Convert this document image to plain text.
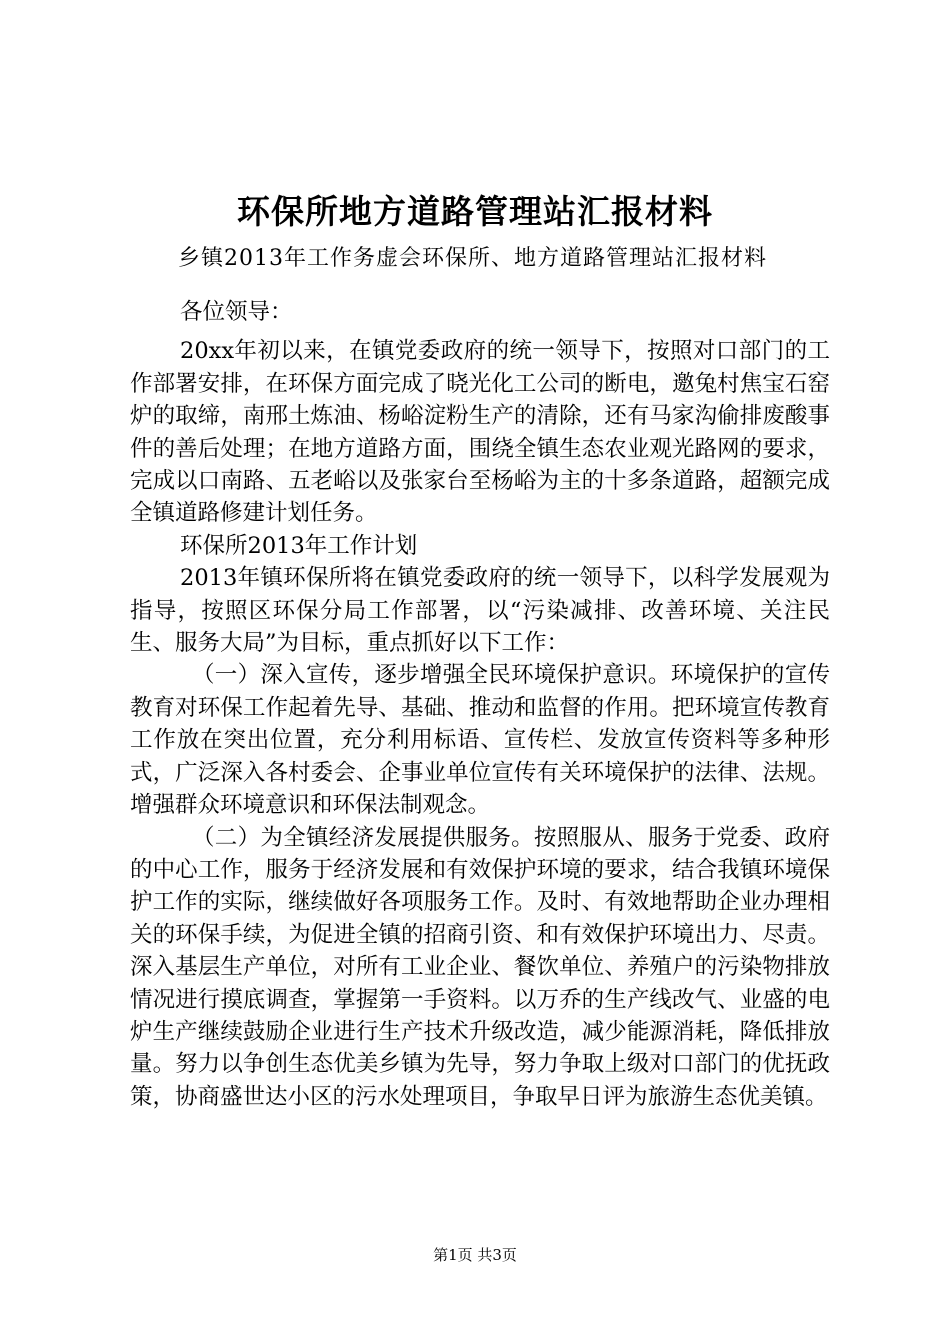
环保所地方道路管理站汇报材料

乡镇2013年工作务虚会环保所、地方道路管理站汇报材料

各位领导：

20xx年初以来，在镇党委政府的统一领导下，按照对口部门的工作部署安排，在环保方面完成了晓光化工公司的断电，邀兔村焦宝石窑炉的取缔，南邢土炼油、杨峪淀粉生产的清除，还有马家沟偷排废酸事件的善后处理；在地方道路方面，围绕全镇生态农业观光路网的要求，完成以口南路、五老峪以及张家台至杨峪为主的十多条道路，超额完成全镇道路修建计划任务。

环保所2013年工作计划

2013年镇环保所将在镇党委政府的统一领导下，以科学发展观为指导，按照区环保分局工作部署，以“污染减排、改善环境、关注民生、服务大局”为目标，重点抓好以下工作：

（一）深入宣传，逐步增强全民环境保护意识。环境保护的宣传教育对环保工作起着先导、基础、推动和监督的作用。把环境宣传教育工作放在突出位置，充分利用标语、宣传栏、发放宣传资料等多种形式，广泛深入各村委会、企事业单位宣传有关环境保护的法律、法规。增强群众环境意识和环保法制观念。

（二）为全镇经济发展提供服务。按照服从、服务于党委、政府的中心工作，服务于经济发展和有效保护环境的要求，结合我镇环境保护工作的实际，继续做好各项服务工作。及时、有效地帮助企业办理相关的环保手续，为促进全镇的招商引资、和有效保护环境出力、尽责。深入基层生产单位，对所有工业企业、餐饮单位、养殖户的污染物排放情况进行摸底调查，掌握第一手资料。以万乔的生产线改气、业盛的电炉生产继续鼓励企业进行生产技术升级改造，减少能源消耗，降低排放量。努力以争创生态优美乡镇为先导，努力争取上级对口部门的优抚政策，协商盛世达小区的污水处理项目，争取早日评为旅游生态优美镇。

第1页 共3页
